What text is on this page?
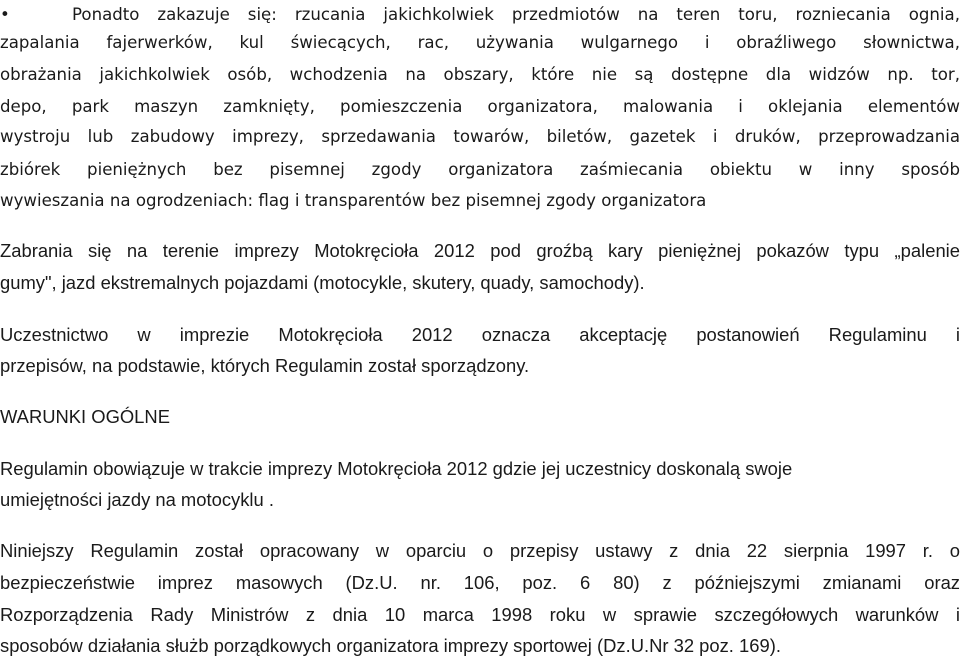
•	Ponadto zakazuje się: rzucania jakichkolwiek przedmiotów na teren toru, rozniecania ognia,
zapalania fajerwerków, kul świecących, rac, używania wulgarnego i obraźliwego słownictwa,
obrażania jakichkolwiek osób, wchodzenia na obszary, które nie są dostępne dla widzów np. tor,
depo, park maszyn zamknięty, pomieszczenia organizatora, malowania i oklejania elementów
wystroju lub zabudowy imprezy, sprzedawania towarów, biletów, gazetek i druków, przeprowadzania
zbiórek pieniężnych bez pisemnej zgody organizatora zaśmiecania obiektu w inny sposób
wywieszania na ogrodzeniach: flag i transparentów bez pisemnej zgody organizatora
Zabrania się na terenie imprezy Motokręcioła 2012 pod groźbą kary pieniężnej pokazów typu „palenie
gumy", jazd ekstremalnych pojazdami (motocykle, skutery, quady, samochody).
Uczestnictwo w imprezie Motokręcioła 2012 oznacza akceptację postanowień Regulaminu i
przepisów, na podstawie, których Regulamin został sporządzony.
WARUNKI OGÓLNE
Regulamin obowiązuje w trakcie imprezy Motokręcioła 2012 gdzie jej uczestnicy doskonalą swoje
umiejętności jazdy na motocyklu .
Niniejszy Regulamin został opracowany w oparciu o przepisy ustawy z dnia 22 sierpnia 1997 r. o
bezpieczeństwie imprez masowych (Dz.U. nr. 106, poz. 6 80) z późniejszymi zmianami oraz
Rozporządzenia Rady Ministrów z dnia 10 marca 1998 roku w sprawie szczegółowych warunków i
sposobów działania służb porządkowych organizatora imprezy sportowej (Dz.U.Nr 32 poz. 169).
